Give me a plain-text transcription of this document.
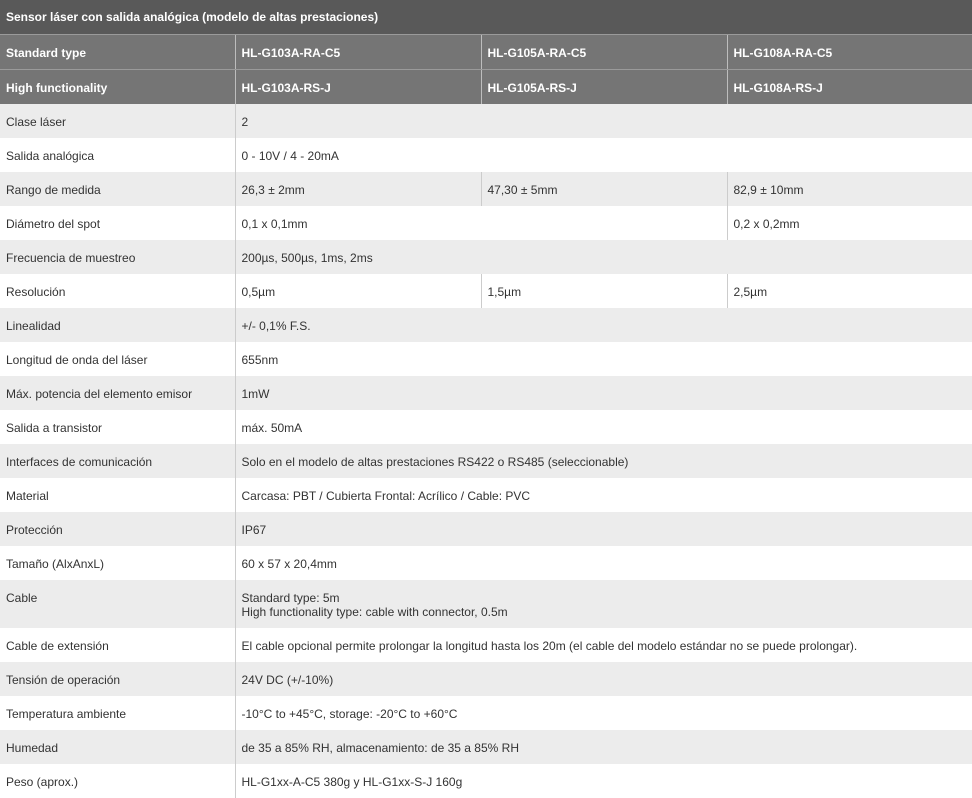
Sensor láser con salida analógica (modelo de altas prestaciones)			
Standard type	HL-G103A-RA-C5	HL-G105A-RA-C5	HL-G108A-RA-C5
High functionality	HL-G103A-RS-J	HL-G105A-RS-J	HL-G108A-RS-J
Clase láser	2		
Salida analógica	0 - 10V / 4 - 20mA		
Rango de medida	26,3 ± 2mm	47,30 ± 5mm	82,9 ± 10mm
Diámetro del spot	0,1 x 0,1mm		0,2 x 0,2mm
Frecuencia de muestreo	200µs, 500µs, 1ms, 2ms		
Resolución	0,5µm	1,5µm	2,5µm
Linealidad	+/- 0,1% F.S.		
Longitud de onda del láser	655nm		
Máx. potencia del elemento emisor	1mW		
Salida a transistor	máx. 50mA		
Interfaces de comunicación	Solo en el modelo de altas prestaciones RS422 o RS485 (seleccionable)		
Material	Carcasa: PBT / Cubierta Frontal: Acrílico / Cable: PVC		
Protección	IP67		
Tamaño (AlxAnxL)	60 x 57 x 20,4mm		
Cable	Standard type: 5m
High functionality type: cable with connector, 0.5m		

Cable de extensión	El cable opcional permite prolongar la longitud hasta los 20m (el cable del modelo estándar no se puede prolongar).		
Tensión de operación	24V DC (+/-10%)		
Temperatura ambiente	-10°C to +45°C, storage: -20°C to +60°C		
Humedad	de 35 a 85% RH, almacenamiento: de 35 a 85% RH		
Peso (aprox.)	HL-G1xx-A-C5 380g y HL-G1xx-S-J 160g		
